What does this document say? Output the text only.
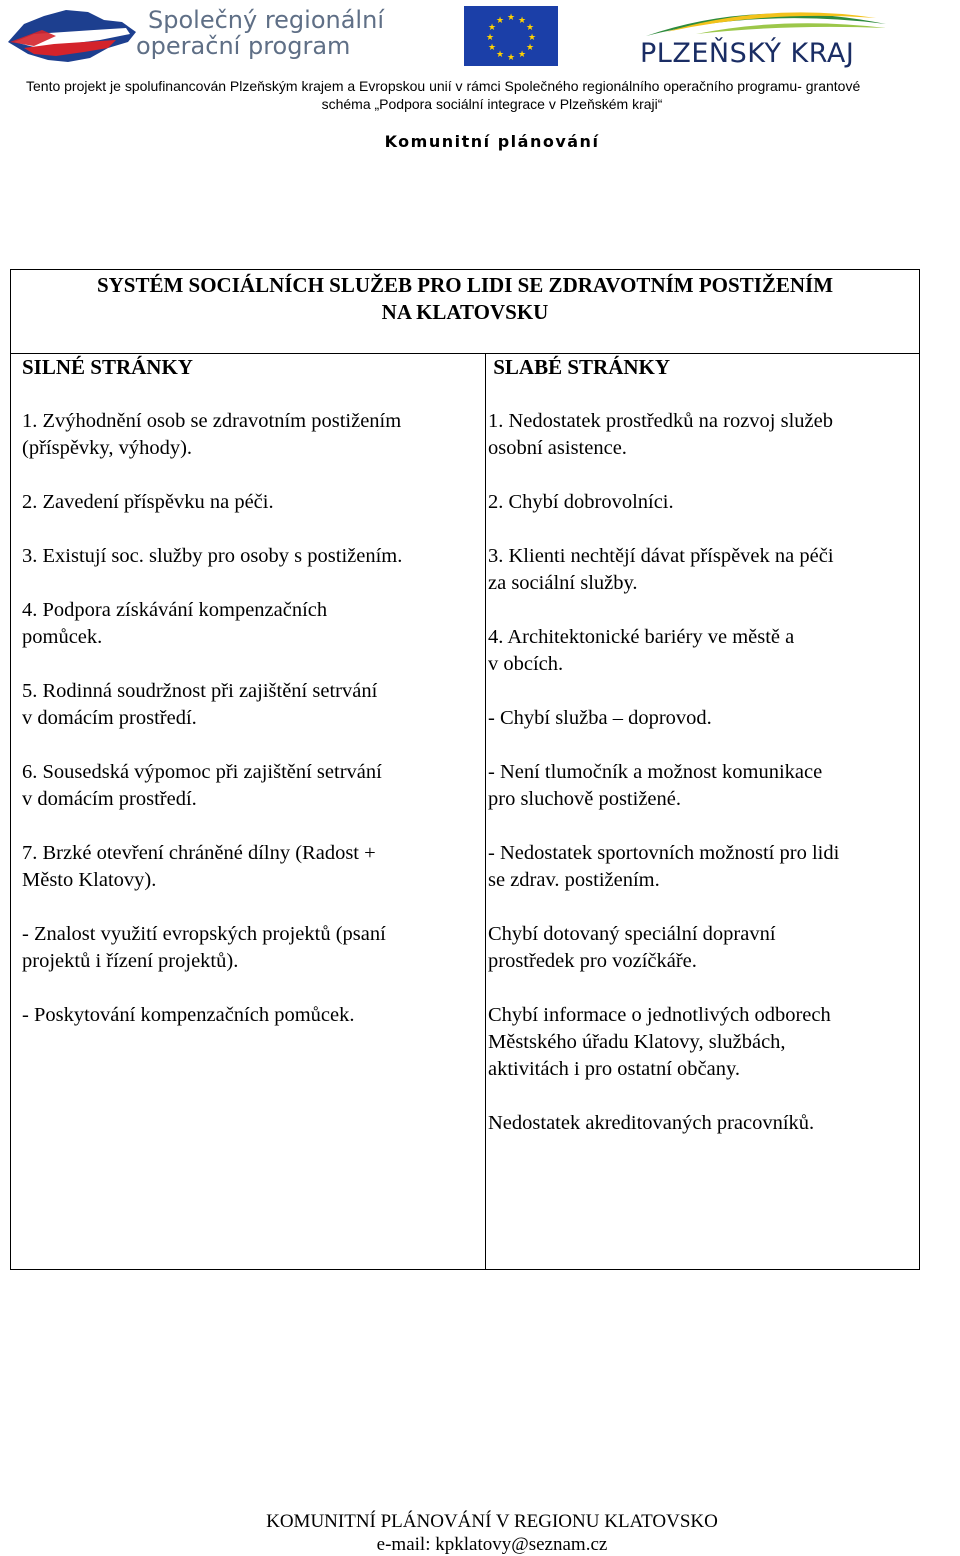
Společný regionální
operační program
★ ★
★
★
★
★
★
★
★
★
★
★
PLZEŇSKÝ KRAJ
Tento projekt je spolufinancován Plzeňským krajem a Evropskou unií v rámci Společného regionálního operačního programu- grantové
schéma „Podpora sociální integrace v Plzeňském kraji“
Komunitní plánování
SYSTÉM SOCIÁLNÍCH SLUŽEB PRO LIDI SE ZDRAVOTNÍM POSTIŽENÍM
NA KLATOVSKU
SILNÉ STRÁNKY
1. Zvýhodnění osob se zdravotním postižením
(příspěvky, výhody).
2. Zavedení příspěvku na péči.
3. Existují soc. služby pro osoby s postižením.
4. Podpora získávání kompenzačních
pomůcek.
5. Rodinná soudržnost při zajištění setrvání
v domácím prostředí.
6. Sousedská výpomoc při zajištění setrvání
v domácím prostředí.
7. Brzké otevření chráněné dílny (Radost +
Město Klatovy).
- Znalost využití evropských projektů (psaní
projektů i řízení projektů).
- Poskytování kompenzačních pomůcek.
SLABÉ STRÁNKY
1. Nedostatek prostředků na rozvoj služeb
osobní asistence.
2. Chybí dobrovolníci.
3. Klienti nechtějí dávat příspěvek na péči
za sociální služby.
4. Architektonické bariéry ve městě a
v obcích.
- Chybí služba – doprovod.
- Není tlumočník a možnost komunikace
pro sluchově postižené.
- Nedostatek sportovních možností pro lidi
se zdrav. postižením.
Chybí dotovaný speciální dopravní
prostředek pro vozíčkáře.
Chybí informace o jednotlivých odborech
Městského úřadu Klatovy, službách,
aktivitách i pro ostatní občany.
Nedostatek akreditovaných pracovníků.
KOMUNITNÍ PLÁNOVÁNÍ V REGIONU KLATOVSKO
e-mail: kpklatovy@seznam.cz
